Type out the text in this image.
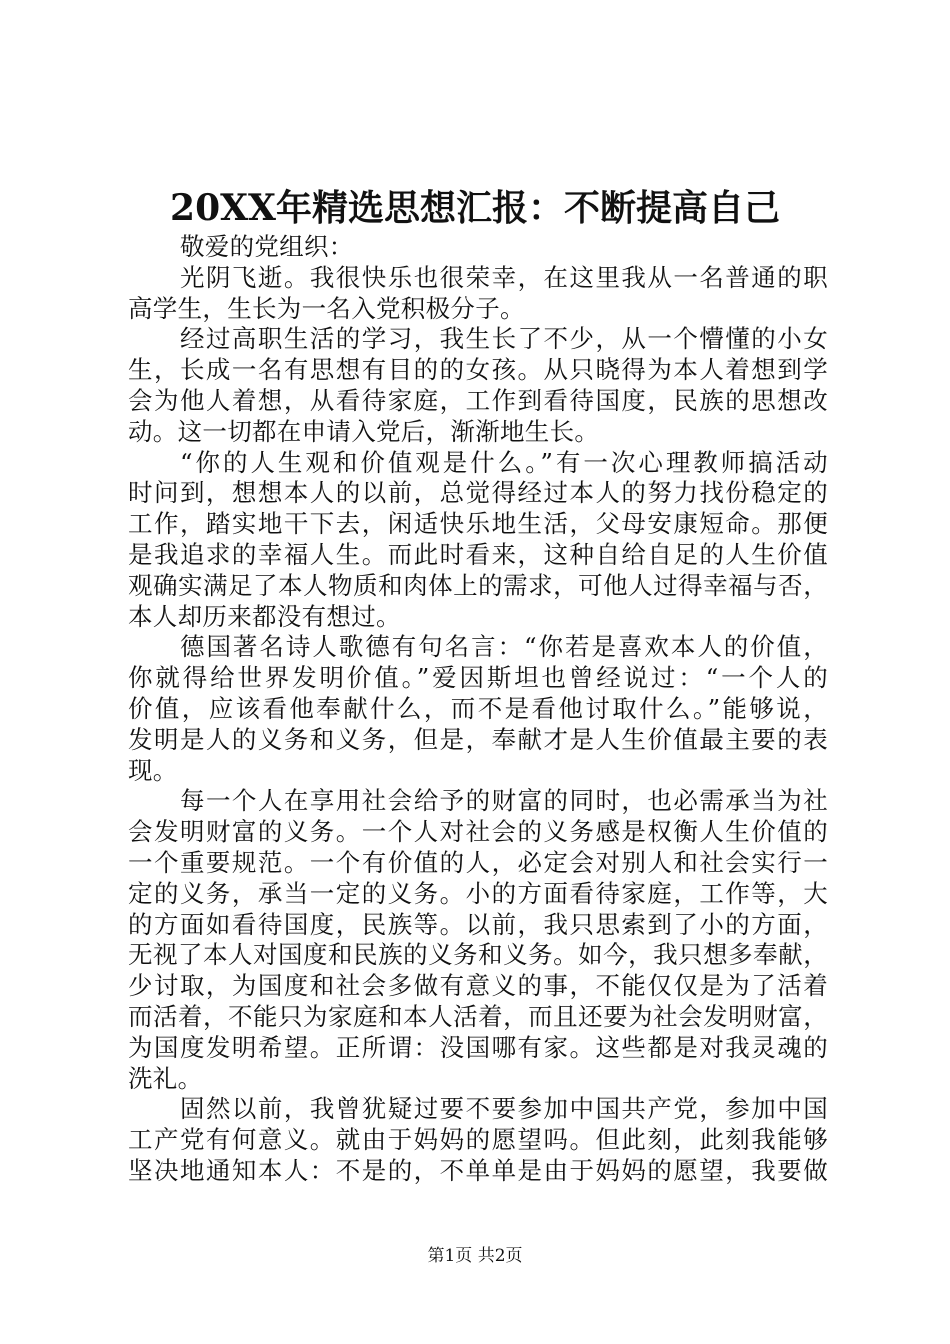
20XX年精选思想汇报：不断提高自己
敬爱的党组织：
光阴飞逝。我很快乐也很荣幸，在这里我从一名普通的职
高学生，生长为一名入党积极分子。
经过高职生活的学习，我生长了不少，从一个懵懂的小女
生，长成一名有思想有目的的女孩。从只晓得为本人着想到学
会为他人着想，从看待家庭，工作到看待国度，民族的思想改
动。这一切都在申请入党后，渐渐地生长。
“你的人生观和价值观是什么。”有一次心理教师搞活动
时问到，想想本人的以前，总觉得经过本人的努力找份稳定的
工作，踏实地干下去，闲适快乐地生活，父母安康短命。那便
是我追求的幸福人生。而此时看来，这种自给自足的人生价值
观确实满足了本人物质和肉体上的需求，可他人过得幸福与否，
本人却历来都没有想过。
德国著名诗人歌德有句名言：“你若是喜欢本人的价值，
你就得给世界发明价值。”爱因斯坦也曾经说过：“一个人的
价值，应该看他奉献什么，而不是看他讨取什么。”能够说，
发明是人的义务和义务，但是，奉献才是人生价值最主要的表
现。
每一个人在享用社会给予的财富的同时，也必需承当为社
会发明财富的义务。一个人对社会的义务感是权衡人生价值的
一个重要规范。一个有价值的人，必定会对别人和社会实行一
定的义务，承当一定的义务。小的方面看待家庭，工作等，大
的方面如看待国度，民族等。以前，我只思索到了小的方面，
无视了本人对国度和民族的义务和义务。如今，我只想多奉献，
少讨取，为国度和社会多做有意义的事，不能仅仅是为了活着
而活着，不能只为家庭和本人活着，而且还要为社会发明财富，
为国度发明希望。正所谓：没国哪有家。这些都是对我灵魂的
洗礼。
固然以前，我曾犹疑过要不要参加中国共产党，参加中国
工产党有何意义。就由于妈妈的愿望吗。但此刻，此刻我能够
坚决地通知本人：不是的，不单单是由于妈妈的愿望，我要做
第1页 共2页
